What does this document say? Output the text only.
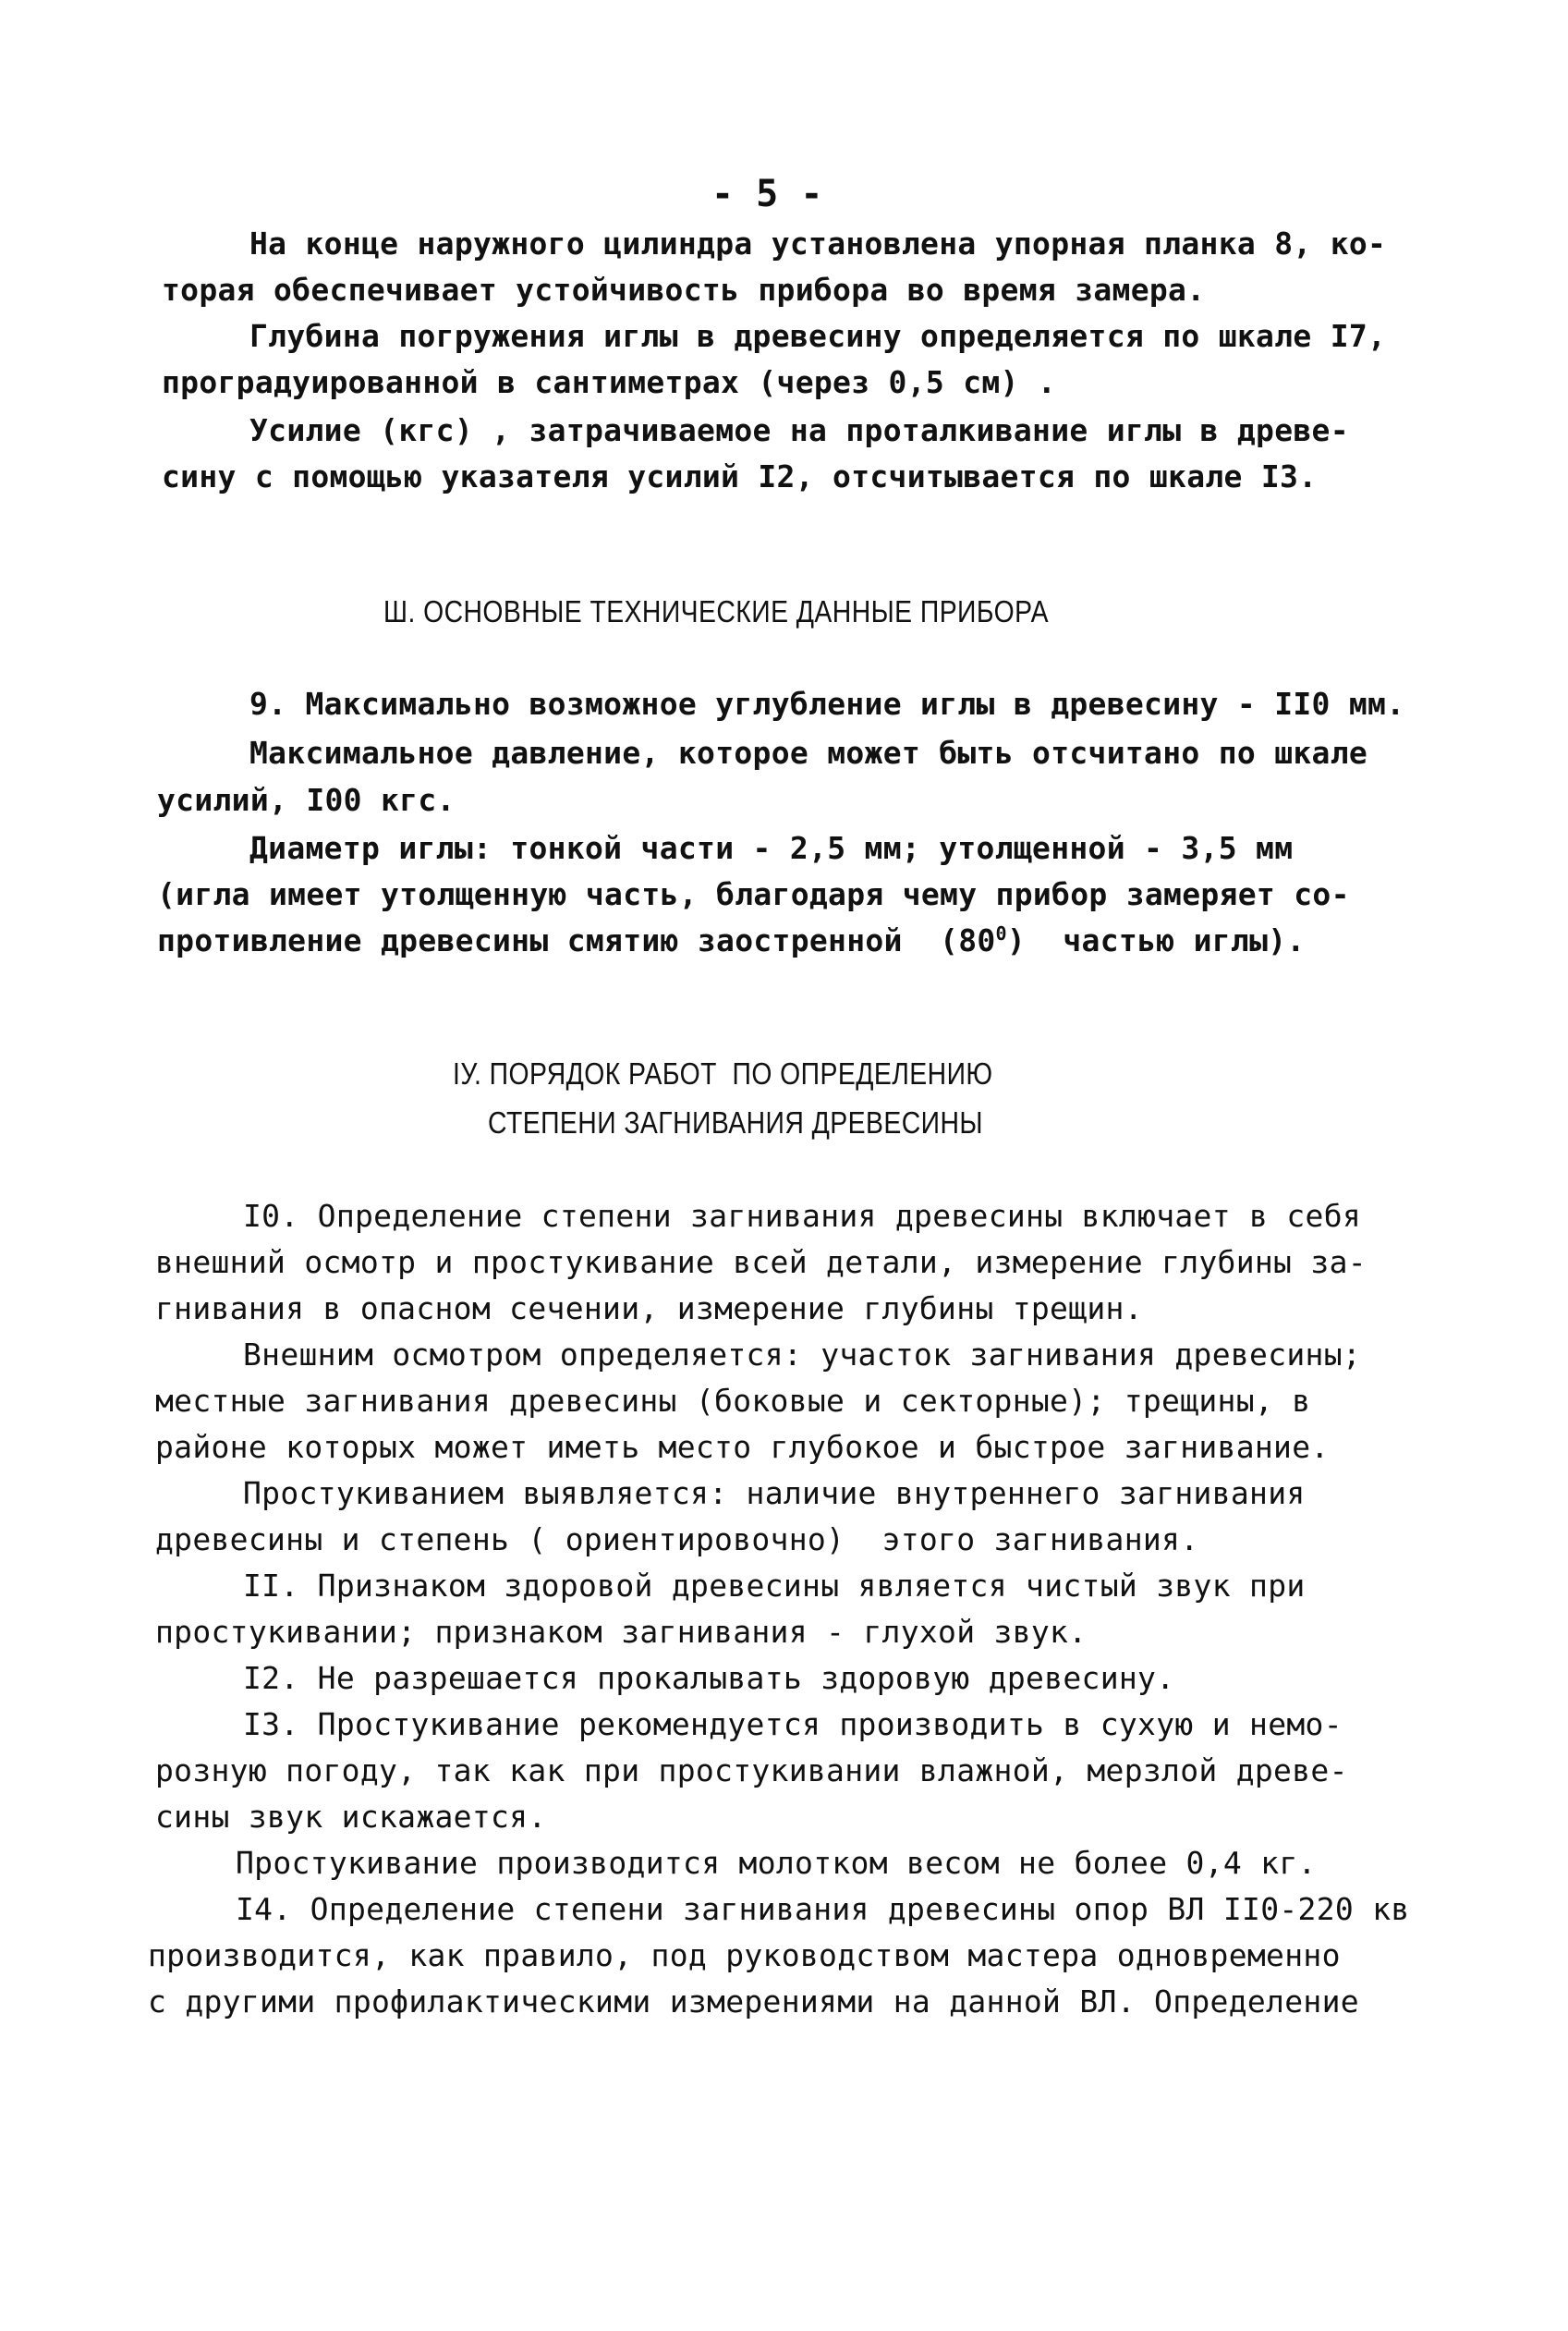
- 5 -
На конце наружного цилиндра установлена упорная планка 8, ко-
торая обеспечивает устойчивость прибора во время замера.
Глубина погружения иглы в древесину определяется по шкале I7,
проградуированной в сантиметрах (через 0,5 см) .
Усилие (кгс) , затрачиваемое на проталкивание иглы в древе-
сину с помощью указателя усилий I2, отсчитывается по шкале I3.
Ш. ОСНОВНЫЕ ТЕХНИЧЕСКИЕ ДАННЫЕ ПРИБОРА
9. Максимально возможное углубление иглы в древесину - II0 мм.
Максимальное давление, которое может быть отсчитано по шкале
усилий, I00 кгс.
Диаметр иглы: тонкой части - 2,5 мм; утолщенной - 3,5 мм
(игла имеет утолщенную часть, благодаря чему прибор замеряет со-
противление древесины смятию заостренной  $(80^0)$  частью иглы).
IУ. ПОРЯДОК РАБОТ  ПО ОПРЕДЕЛЕНИЮ
СТЕПЕНИ ЗАГНИВАНИЯ ДРЕВЕСИНЫ
I0. Определение степени загнивания древесины включает в себя
внешний осмотр и простукивание всей детали, измерение глубины за-
гнивания в опасном сечении, измерение глубины трещин.
Внешним осмотром определяется: участок загнивания древесины;
местные загнивания древесины (боковые и секторные); трещины, в
районе которых может иметь место глубокое и быстрое загнивание.
Простукиванием выявляется: наличие внутреннего загнивания
древесины и степень ( ориентировочно)  этого загнивания.
II. Признаком здоровой древесины является чистый звук при
простукивании; признаком загнивания - глухой звук.
I2. Не разрешается прокалывать здоровую древесину.
I3. Простукивание рекомендуется производить в сухую и немо-
розную погоду, так как при простукивании влажной, мерзлой древе-
сины звук искажается.
Простукивание производится молотком весом не более 0,4 кг.
I4. Определение степени загнивания древесины опор ВЛ II0-220 кв
производится, как правило, под руководством мастера одновременно
с другими профилактическими измерениями на данной ВЛ. Определение
